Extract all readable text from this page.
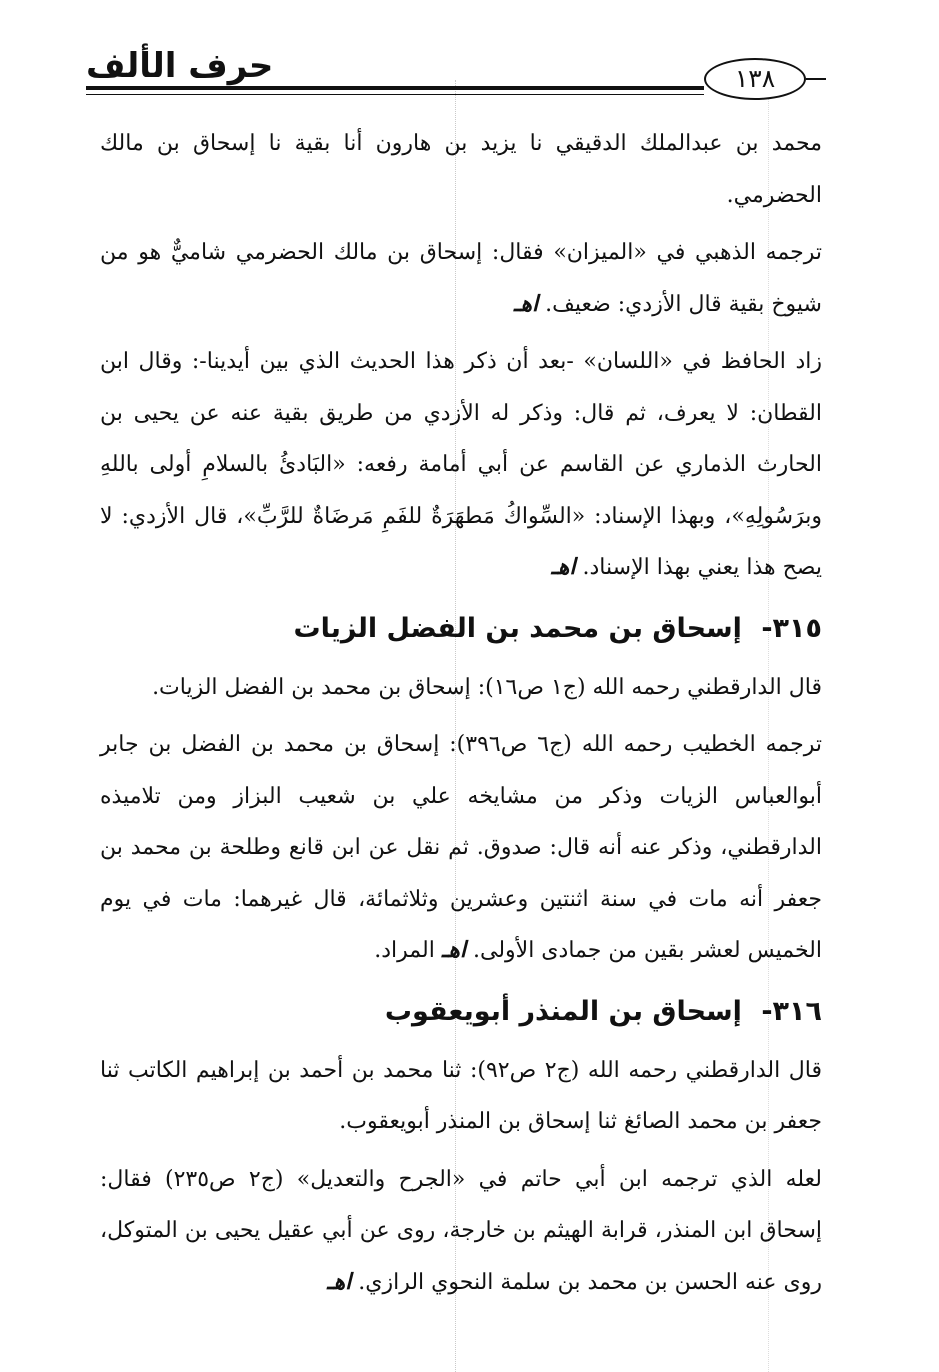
حرف الألف	١٣٨

محمد بن عبدالملك الدقيقي نا يزيد بن هارون أنا بقية نا إسحاق بن مالك الحضرمي.

ترجمه الذهبي في «الميزان» فقال: إسحاق بن مالك الحضرمي شاميٌّ هو من شيوخ بقية قال الأزدي: ضعيف. اهـ

زاد الحافظ في «اللسان» -بعد أن ذكر هذا الحديث الذي بين أيدينا-: وقال ابن القطان: لا يعرف، ثم قال: وذكر له الأزدي من طريق بقية عنه عن يحيى بن الحارث الذماري عن القاسم عن أبي أمامة رفعه: «البَادئُ بالسلامِ أولى باللهِ وبرَسُولِهِ»، وبهذا الإسناد: «السِّواكُ مَطهَرَةٌ للفَمِ مَرضَاةٌ للرَّبِّ»، قال الأزدي: لا يصح هذا يعني بهذا الإسناد. اهـ

٣١٥- إسحاق بن محمد بن الفضل الزيات

قال الدارقطني رحمه الله (ج١ ص١٦): إسحاق بن محمد بن الفضل الزيات.

ترجمه الخطيب رحمه الله (ج٦ ص٣٩٦): إسحاق بن محمد بن الفضل بن جابر أبوالعباس الزيات وذكر من مشايخه علي بن شعيب البزاز ومن تلاميذه الدارقطني، وذكر عنه أنه قال: صدوق. ثم نقل عن ابن قانع وطلحة بن محمد بن جعفر أنه مات في سنة اثنتين وعشرين وثلاثمائة، قال غيرهما: مات في يوم الخميس لعشر بقين من جمادى الأولى. اهـ المراد.

٣١٦- إسحاق بن المنذر أبويعقوب

قال الدارقطني رحمه الله (ج٢ ص٩٢): ثنا محمد بن أحمد بن إبراهيم الكاتب ثنا جعفر بن محمد الصائغ ثنا إسحاق بن المنذر أبويعقوب.

لعله الذي ترجمه ابن أبي حاتم في «الجرح والتعديل» (ج٢ ص٢٣٥) فقال: إسحاق ابن المنذر، قرابة الهيثم بن خارجة، روى عن أبي عقيل يحيى بن المتوكل، روى عنه الحسن بن محمد بن سلمة النحوي الرازي. اهـ
